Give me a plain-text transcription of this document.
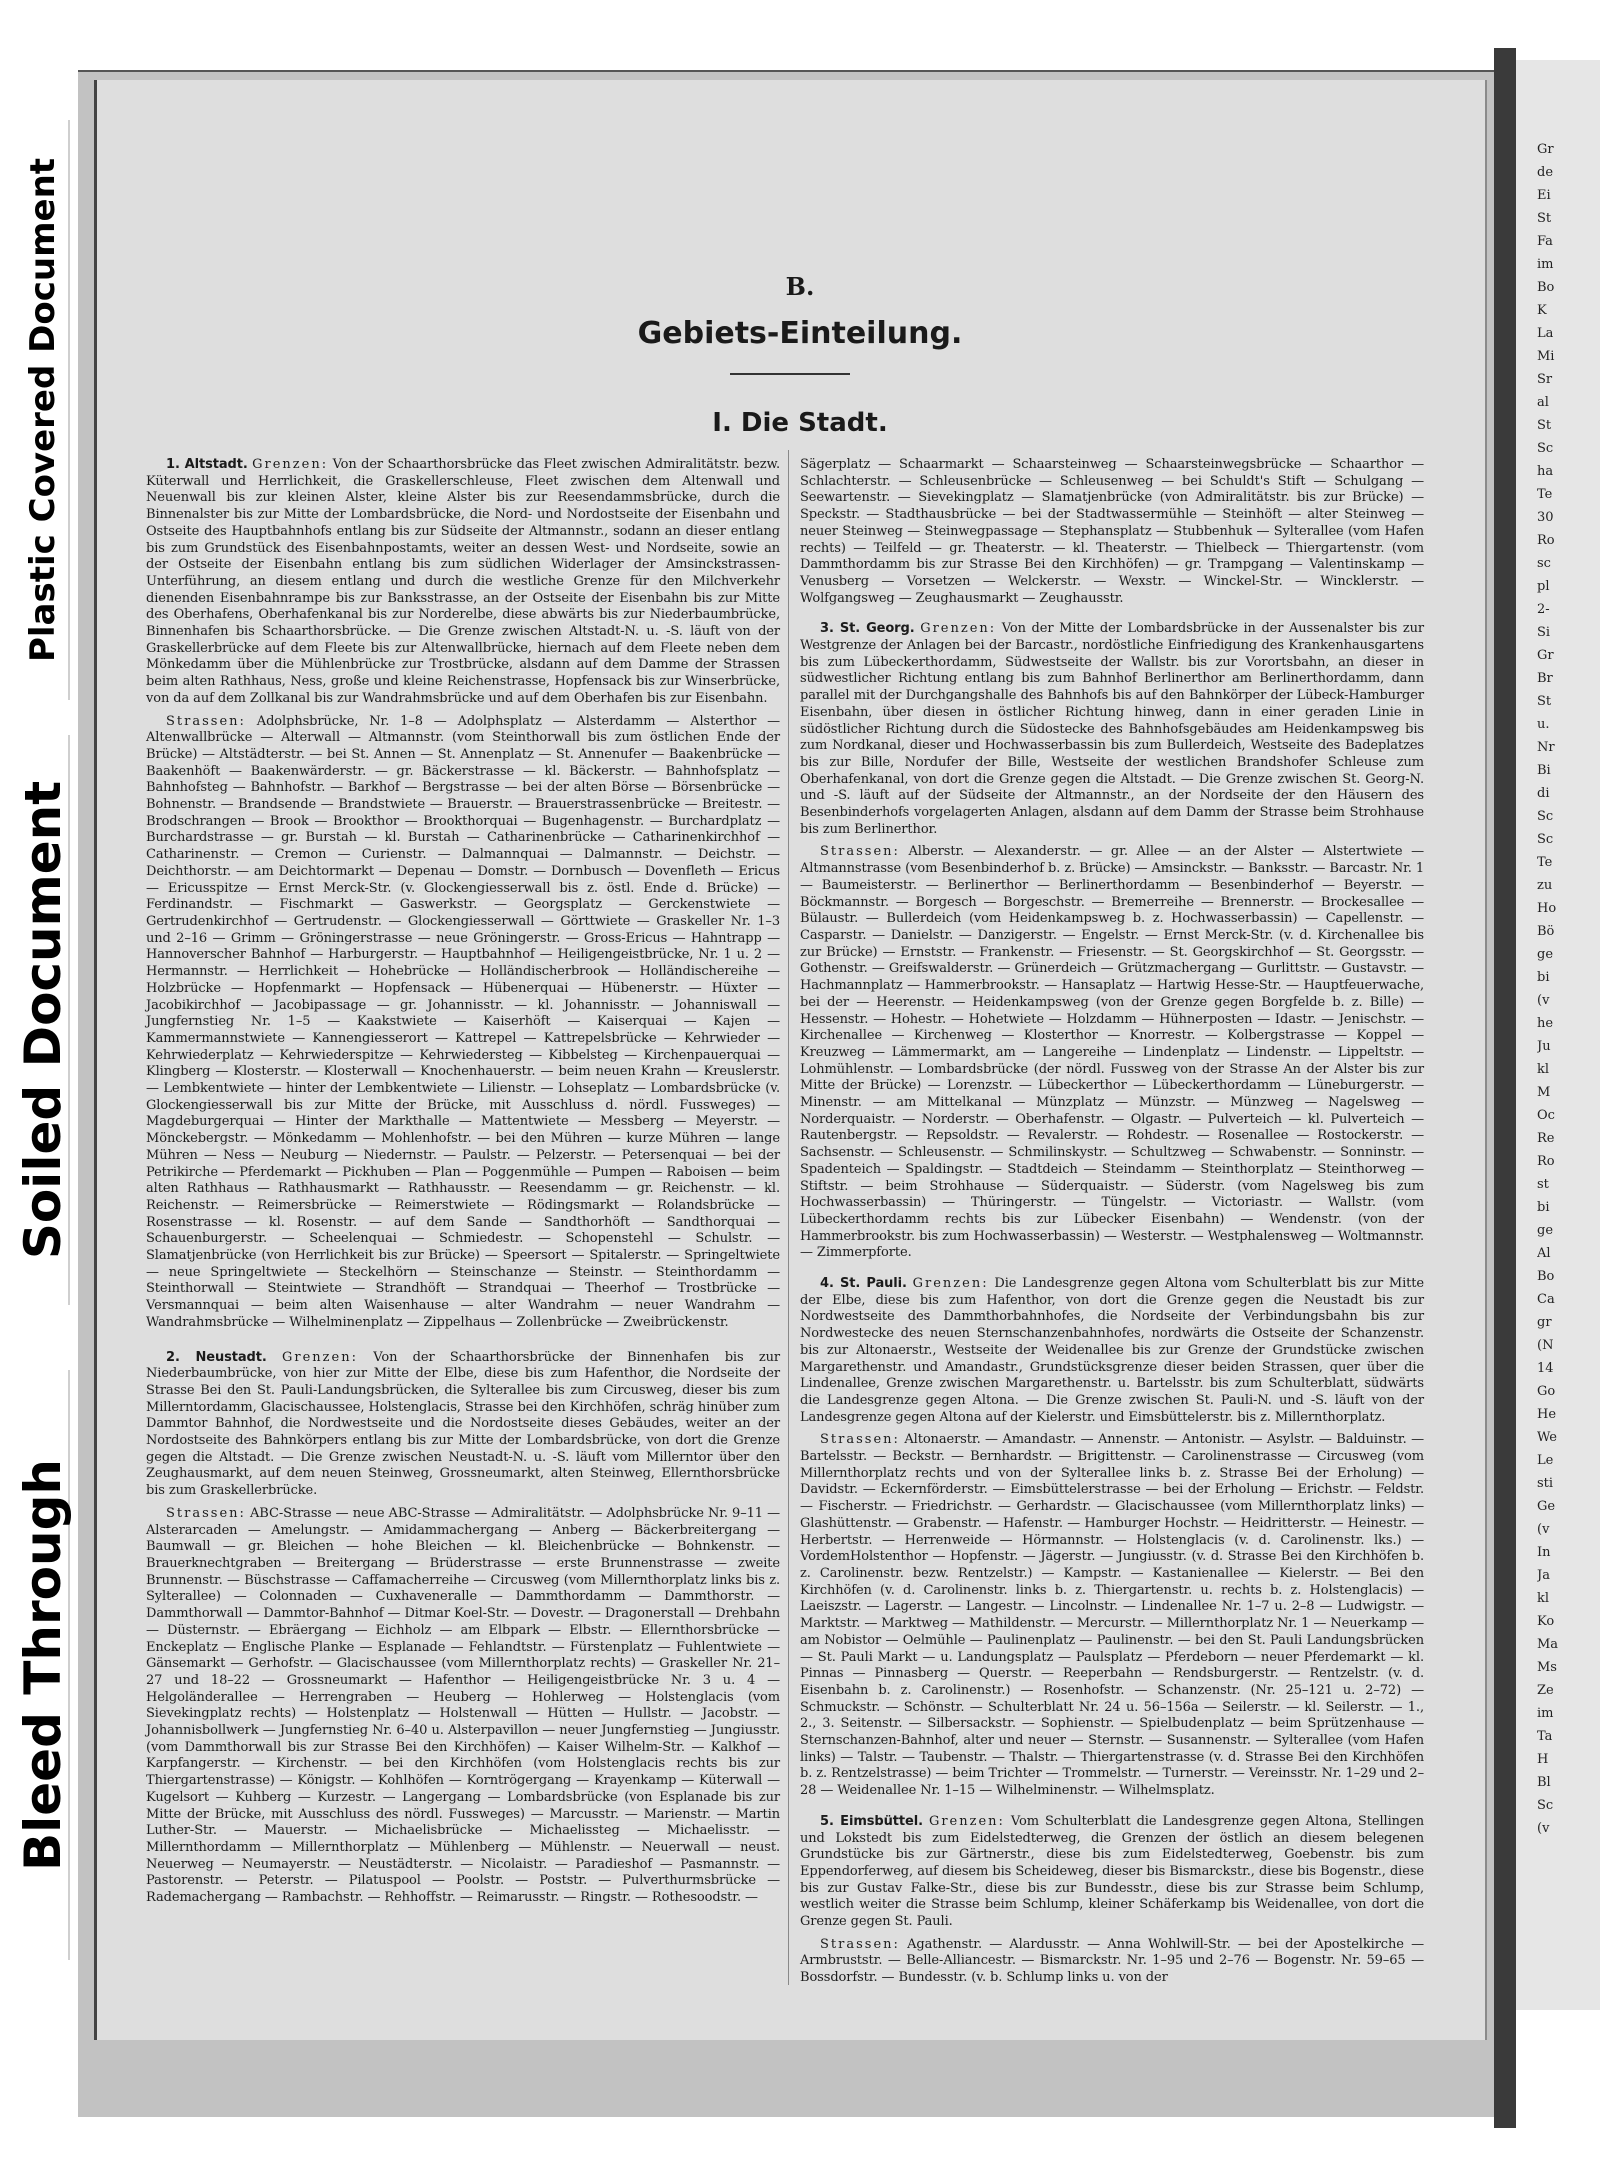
Plastic Covered Document
Soiled Document
Bleed Through
Gr
de
Ei
St
Fa
im
Bo
K
La
Mi
Sr
al
St
Sc
ha
Te
30
Ro
sc
pl
2-
Si
Gr
Br
St
u.
Nr
Bi
di
Sc
Sc
Te
zu
Ho
Bö
ge
bi
(v
he
Ju
kl
M
Oc
Re
Ro
st
bi
ge
Al
Bo
Ca
gr
(N
14
Go
He
We
Le
sti
Ge
(v
In
Ja
kl
Ko
Ma
Ms
Ze
im
Ta
H
Bl
Sc
(v
B.
Gebiets-Einteilung.
I. Die Stadt.

1. Altstadt. Grenzen: Von der Schaarthorsbrücke das Fleet zwischen Admiralitätstr. bezw. Küterwall und Herrlichkeit, die Graskellerschleuse, Fleet zwischen dem Altenwall und Neuenwall bis zur kleinen Alster, kleine Alster bis zur Reesendammsbrücke, durch die Binnenalster bis zur Mitte der Lombardsbrücke, die Nord- und Nordostseite der Eisenbahn und Ostseite des Hauptbahnhofs entlang bis zur Südseite der Altmannstr., sodann an dieser entlang bis zum Grundstück des Eisenbahnpostamts, weiter an dessen West- und Nordseite, sowie an der Ostseite der Eisenbahn entlang bis zum südlichen Widerlager der Amsinckstrassen-Unterführung, an diesem entlang und durch die westliche Grenze für den Milchverkehr dienenden Eisenbahnrampe bis zur Banksstrasse, an der Ostseite der Eisenbahn bis zur Mitte des Oberhafens, Oberhafenkanal bis zur Norderelbe, diese abwärts bis zur Niederbaumbrücke, Binnenhafen bis Schaarthorsbrücke. — Die Grenze zwischen Altstadt-N. u. -S. läuft von der Graskellerbrücke auf dem Fleete bis zur Altenwallbrücke, hiernach auf dem Fleete neben dem Mönkedamm über die Mühlenbrücke zur Trostbrücke, alsdann auf dem Damme der Strassen beim alten Rathhaus, Ness, große und kleine Reichenstrasse, Hopfensack bis zur Winserbrücke, von da auf dem Zollkanal bis zur Wandrahmsbrücke und auf dem Oberhafen bis zur Eisenbahn.

Strassen: Adolphsbrücke, Nr. 1–8 — Adolphsplatz — Alsterdamm — Alsterthor — Altenwallbrücke — Alterwall — Altmannstr. (vom Steinthorwall bis zum östlichen Ende der Brücke) — Altstädterstr. — bei St. Annen — St. Annenplatz — St. Annenufer — Baakenbrücke — Baakenhöft — Baakenwärderstr. — gr. Bäckerstrasse — kl. Bäckerstr. — Bahnhofsplatz — Bahnhofsteg — Bahnhofstr. — Barkhof — Bergstrasse — bei der alten Börse — Börsenbrücke — Bohnenstr. — Brandsende — Brandstwiete — Brauerstr. — Brauerstrassenbrücke — Breitestr. — Brodschrangen — Brook — Brookthor — Brookthorquai — Bugenhagenstr. — Burchardplatz — Burchardstrasse — gr. Burstah — kl. Burstah — Catharinenbrücke — Catharinenkirchhof — Catharinenstr. — Cremon — Curienstr. — Dalmannquai — Dalmannstr. — Deichstr. — Deichthorstr. — am Deichtormarkt — Depenau — Domstr. — Dornbusch — Dovenfleth — Ericus — Ericusspitze — Ernst Merck-Str. (v. Glockengiesserwall bis z. östl. Ende d. Brücke) — Ferdinandstr. — Fischmarkt — Gaswerkstr. — Georgsplatz — Gerckenstwiete — Gertrudenkirchhof — Gertrudenstr. — Glockengiesserwall — Görttwiete — Graskeller Nr. 1–3 und 2–16 — Grimm — Gröningerstrasse — neue Gröningerstr. — Gross-Ericus — Hahntrapp — Hannoverscher Bahnhof — Harburgerstr. — Hauptbahnhof — Heiligengeistbrücke, Nr. 1 u. 2 — Hermannstr. — Herrlichkeit — Hohebrücke — Holländischerbrook — Holländischereihe — Holzbrücke — Hopfenmarkt — Hopfensack — Hübenerquai — Hübenerstr. — Hüxter — Jacobikirchhof — Jacobipassage — gr. Johannisstr. — kl. Johannisstr. — Johanniswall — Jungfernstieg Nr. 1–5 — Kaakstwiete — Kaiserhöft — Kaiserquai — Kajen — Kammermannstwiete — Kannengiesserort — Kattrepel — Kattrepelsbrücke — Kehrwieder — Kehrwiederplatz — Kehrwiederspitze — Kehrwiedersteg — Kibbelsteg — Kirchenpauerquai — Klingberg — Klosterstr. — Klosterwall — Knochenhauerstr. — beim neuen Krahn — Kreuslerstr. — Lembkentwiete — hinter der Lembkentwiete — Lilienstr. — Lohseplatz — Lombardsbrücke (v. Glockengiesserwall bis zur Mitte der Brücke, mit Ausschluss d. nördl. Fussweges) — Magdeburgerquai — Hinter der Markthalle — Mattentwiete — Messberg — Meyerstr. — Mönckebergstr. — Mönkedamm — Mohlenhofstr. — bei den Mühren — kurze Mühren — lange Mühren — Ness — Neuburg — Niedernstr. — Paulstr. — Pelzerstr. — Petersenquai — bei der Petrikirche — Pferdemarkt — Pickhuben — Plan — Poggenmühle — Pumpen — Raboisen — beim alten Rathhaus — Rathhausmarkt — Rathhausstr. — Reesendamm — gr. Reichenstr. — kl. Reichenstr. — Reimersbrücke — Reimerstwiete — Rödingsmarkt — Rolandsbrücke — Rosenstrasse — kl. Rosenstr. — auf dem Sande — Sandthorhöft — Sandthorquai — Schauenburgerstr. — Scheelenquai — Schmiedestr. — Schopenstehl — Schulstr. — Slamatjenbrücke (von Herrlichkeit bis zur Brücke) — Speersort — Spitalerstr. — Springeltwiete — neue Springeltwiete — Steckelhörn — Steinschanze — Steinstr. — Steinthordamm — Steinthorwall — Steintwiete — Strandhöft — Strandquai — Theerhof — Trostbrücke — Versmannquai — beim alten Waisenhause — alter Wandrahm — neuer Wandrahm — Wandrahmsbrücke — Wilhelminenplatz — Zippelhaus — Zollenbrücke — Zweibrückenstr.

2. Neustadt. Grenzen: Von der Schaarthorsbrücke der Binnenhafen bis zur Niederbaumbrücke, von hier zur Mitte der Elbe, diese bis zum Hafenthor, die Nordseite der Strasse Bei den St. Pauli-Landungsbrücken, die Sylterallee bis zum Circusweg, dieser bis zum Millerntordamm, Glacischaussee, Holstenglacis, Strasse bei den Kirchhöfen, schräg hinüber zum Dammtor Bahnhof, die Nordwestseite und die Nordostseite dieses Gebäudes, weiter an der Nordostseite des Bahnkörpers entlang bis zur Mitte der Lombardsbrücke, von dort die Grenze gegen die Altstadt. — Die Grenze zwischen Neustadt-N. u. -S. läuft vom Millerntor über den Zeughausmarkt, auf dem neuen Steinweg, Grossneumarkt, alten Steinweg, Ellernthorsbrücke bis zum Graskellerbrücke.

Strassen: ABC-Strasse — neue ABC-Strasse — Admiralitätstr. — Adolphsbrücke Nr. 9–11 — Alsterarcaden — Amelungstr. — Amidammachergang — Anberg — Bäckerbreitergang — Baumwall — gr. Bleichen — hohe Bleichen — kl. Bleichenbrücke — Bohnkenstr. — Brauerknechtgraben — Breitergang — Brüderstrasse — erste Brunnenstrasse — zweite Brunnenstr. — Büschstrasse — Caffamacherreihe — Circusweg (vom Millernthorplatz links bis z. Sylterallee) — Colonnaden — Cuxhaveneralle — Dammthordamm — Dammthorstr. — Dammthorwall — Dammtor-Bahnhof — Ditmar Koel-Str. — Dovestr. — Dragonerstall — Drehbahn — Düsternstr. — Ebräergang — Eichholz — am Elbpark — Elbstr. — Ellernthorsbrücke — Enckeplatz — Englische Planke — Esplanade — Fehlandtstr. — Fürstenplatz — Fuhlentwiete — Gänsemarkt — Gerhofstr. — Glacischaussee (vom Millernthorplatz rechts) — Graskeller Nr. 21–27 und 18–22 — Grossneumarkt — Hafenthor — Heiligengeistbrücke Nr. 3 u. 4 — Helgoländerallee — Herrengraben — Heuberg — Hohlerweg — Holstenglacis (vom Sievekingplatz rechts) — Holstenplatz — Holstenwall — Hütten — Hullstr. — Jacobstr. — Johannisbollwerk — Jungfernstieg Nr. 6–40 u. Alsterpavillon — neuer Jungfernstieg — Jungiusstr. (vom Dammthorwall bis zur Strasse Bei den Kirchhöfen) — Kaiser Wilhelm-Str. — Kalkhof — Karpfangerstr. — Kirchenstr. — bei den Kirchhöfen (vom Holstenglacis rechts bis zur Thiergartenstrasse) — Königstr. — Kohlhöfen — Korntrögergang — Krayenkamp — Küterwall — Kugelsort — Kuhberg — Kurzestr. — Langergang — Lombardsbrücke (von Esplanade bis zur Mitte der Brücke, mit Ausschluss des nördl. Fussweges) — Marcusstr. — Marienstr. — Martin Luther-Str. — Mauerstr. — Michaelisbrücke — Michaelissteg — Michaelisstr. — Millernthordamm — Millernthorplatz — Mühlenberg — Mühlenstr. — Neuerwall — neust. Neuerweg — Neumayerstr. — Neustädterstr. — Nicolaistr. — Paradieshof — Pasmannstr. — Pastorenstr. — Peterstr. — Pilatuspool — Poolstr. — Poststr. — Pulverthurmsbrücke — Rademachergang — Rambachstr. — Rehhoffstr. — Reimarusstr. — Ringstr. — Rothesoodstr. —

Sägerplatz — Schaarmarkt — Schaarsteinweg — Schaarsteinwegsbrücke — Schaarthor — Schlachterstr. — Schleusenbrücke — Schleusenweg — bei Schuldt's Stift — Schulgang — Seewartenstr. — Sievekingplatz — Slamatjenbrücke (von Admiralitätstr. bis zur Brücke) — Speckstr. — Stadthausbrücke — bei der Stadtwassermühle — Steinhöft — alter Steinweg — neuer Steinweg — Steinwegpassage — Stephansplatz — Stubbenhuk — Sylterallee (vom Hafen rechts) — Teilfeld — gr. Theaterstr. — kl. Theaterstr. — Thielbeck — Thiergartenstr. (vom Dammthordamm bis zur Strasse Bei den Kirchhöfen) — gr. Trampgang — Valentinskamp — Venusberg — Vorsetzen — Welckerstr. — Wexstr. — Winckel-Str. — Wincklerstr. — Wolfgangsweg — Zeughausmarkt — Zeughausstr.

3. St. Georg. Grenzen: Von der Mitte der Lombardsbrücke in der Aussenalster bis zur Westgrenze der Anlagen bei der Barcastr., nordöstliche Einfriedigung des Krankenhausgartens bis zum Lübeckerthordamm, Südwestseite der Wallstr. bis zur Vorortsbahn, an dieser in südwestlicher Richtung entlang bis zum Bahnhof Berlinerthor am Berlinerthordamm, dann parallel mit der Durchgangshalle des Bahnhofs bis auf den Bahnkörper der Lübeck-Hamburger Eisenbahn, über diesen in östlicher Richtung hinweg, dann in einer geraden Linie in südöstlicher Richtung durch die Südostecke des Bahnhofsgebäudes am Heidenkampsweg bis zum Nordkanal, dieser und Hochwasserbassin bis zum Bullerdeich, Westseite des Badeplatzes bis zur Bille, Nordufer der Bille, Westseite der westlichen Brandshofer Schleuse zum Oberhafenkanal, von dort die Grenze gegen die Altstadt. — Die Grenze zwischen St. Georg-N. und -S. läuft auf der Südseite der Altmannstr., an der Nordseite der den Häusern des Besenbinderhofs vorgelagerten Anlagen, alsdann auf dem Damm der Strasse beim Strohhause bis zum Berlinerthor.

Strassen: Alberstr. — Alexanderstr. — gr. Allee — an der Alster — Alstertwiete — Altmannstrasse (vom Besenbinderhof b. z. Brücke) — Amsinckstr. — Banksstr. — Barcastr. Nr. 1 — Baumeisterstr. — Berlinerthor — Berlinerthordamm — Besenbinderhof — Beyerstr. — Böckmannstr. — Borgesch — Borgeschstr. — Bremerreihe — Brennerstr. — Brockesallee — Bülaustr. — Bullerdeich (vom Heidenkampsweg b. z. Hochwasserbassin) — Capellenstr. — Casparstr. — Danielstr. — Danzigerstr. — Engelstr. — Ernst Merck-Str. (v. d. Kirchenallee bis zur Brücke) — Ernststr. — Frankenstr. — Friesenstr. — St. Georgskirchhof — St. Georgsstr. — Gothenstr. — Greifswalderstr. — Grünerdeich — Grützmachergang — Gurlittstr. — Gustavstr. — Hachmannplatz — Hammerbrookstr. — Hansaplatz — Hartwig Hesse-Str. — Hauptfeuerwache, bei der — Heerenstr. — Heidenkampsweg (von der Grenze gegen Borgfelde b. z. Bille) — Hessenstr. — Hohestr. — Hohetwiete — Holzdamm — Hühnerposten — Idastr. — Jenischstr. — Kirchenallee — Kirchenweg — Klosterthor — Knorrestr. — Kolbergstrasse — Koppel — Kreuzweg — Lämmermarkt, am — Langereihe — Lindenplatz — Lindenstr. — Lippeltstr. — Lohmühlenstr. — Lombardsbrücke (der nördl. Fussweg von der Strasse An der Alster bis zur Mitte der Brücke) — Lorenzstr. — Lübeckerthor — Lübeckerthordamm — Lüneburgerstr. — Minenstr. — am Mittelkanal — Münzplatz — Münzstr. — Münzweg — Nagelsweg — Norderquaistr. — Norderstr. — Oberhafenstr. — Olgastr. — Pulverteich — kl. Pulverteich — Rautenbergstr. — Repsoldstr. — Revalerstr. — Rohdestr. — Rosenallee — Rostockerstr. — Sachsenstr. — Schleusenstr. — Schmilinskystr. — Schultzweg — Schwabenstr. — Sonninstr. — Spadenteich — Spaldingstr. — Stadtdeich — Steindamm — Steinthorplatz — Steinthorweg — Stiftstr. — beim Strohhause — Süderquaistr. — Süderstr. (vom Nagelsweg bis zum Hochwasserbassin) — Thüringerstr. — Tüngelstr. — Victoriastr. — Wallstr. (vom Lübeckerthordamm rechts bis zur Lübecker Eisenbahn) — Wendenstr. (von der Hammerbrookstr. bis zum Hochwasserbassin) — Westerstr. — Westphalensweg — Woltmannstr. — Zimmerpforte.

4. St. Pauli. Grenzen: Die Landesgrenze gegen Altona vom Schulterblatt bis zur Mitte der Elbe, diese bis zum Hafenthor, von dort die Grenze gegen die Neustadt bis zur Nordwestseite des Dammthorbahnhofes, die Nordseite der Verbindungsbahn bis zur Nordwestecke des neuen Sternschanzenbahnhofes, nordwärts die Ostseite der Schanzenstr. bis zur Altonaerstr., Westseite der Weidenallee bis zur Grenze der Grundstücke zwischen Margarethenstr. und Amandastr., Grundstücksgrenze dieser beiden Strassen, quer über die Lindenallee, Grenze zwischen Margarethenstr. u. Bartelsstr. bis zum Schulterblatt, südwärts die Landesgrenze gegen Altona. — Die Grenze zwischen St. Pauli-N. und -S. läuft von der Landesgrenze gegen Altona auf der Kielerstr. und Eimsbüttelerstr. bis z. Millernthorplatz.

Strassen: Altonaerstr. — Amandastr. — Annenstr. — Antonistr. — Asylstr. — Balduinstr. — Bartelsstr. — Beckstr. — Bernhardstr. — Brigittenstr. — Carolinenstrasse — Circusweg (vom Millernthorplatz rechts und von der Sylterallee links b. z. Strasse Bei der Erholung) — Davidstr. — Eckernförderstr. — Eimsbüttelerstrasse — bei der Erholung — Erichstr. — Feldstr. — Fischerstr. — Friedrichstr. — Gerhardstr. — Glacischaussee (vom Millernthorplatz links) — Glashüttenstr. — Grabenstr. — Hafenstr. — Hamburger Hochstr. — Heidritterstr. — Heinestr. — Herbertstr. — Herrenweide — Hörmannstr. — Holstenglacis (v. d. Carolinenstr. lks.) — VordemHolstenthor — Hopfenstr. — Jägerstr. — Jungiusstr. (v. d. Strasse Bei den Kirchhöfen b. z. Carolinenstr. bezw. Rentzelstr.) — Kampstr. — Kastanienallee — Kielerstr. — Bei den Kirchhöfen (v. d. Carolinenstr. links b. z. Thiergartenstr. u. rechts b. z. Holstenglacis) — Laeiszstr. — Lagerstr. — Langestr. — Lincolnstr. — Lindenallee Nr. 1–7 u. 2–8 — Ludwigstr. — Marktstr. — Marktweg — Mathildenstr. — Mercurstr. — Millernthorplatz Nr. 1 — Neuerkamp — am Nobistor — Oelmühle — Paulinenplatz — Paulinenstr. — bei den St. Pauli Landungsbrücken — St. Pauli Markt — u. Landungsplatz — Paulsplatz — Pferdeborn — neuer Pferdemarkt — kl. Pinnas — Pinnasberg — Querstr. — Reeperbahn — Rendsburgerstr. — Rentzelstr. (v. d. Eisenbahn b. z. Carolinenstr.) — Rosenhofstr. — Schanzenstr. (Nr. 25–121 u. 2–72) — Schmuckstr. — Schönstr. — Schulterblatt Nr. 24 u. 56–156a — Seilerstr. — kl. Seilerstr. — 1., 2., 3. Seitenstr. — Silbersackstr. — Sophienstr. — Spielbudenplatz — beim Sprützenhause — Sternschanzen-Bahnhof, alter und neuer — Sternstr. — Susannenstr. — Sylterallee (vom Hafen links) — Talstr. — Taubenstr. — Thalstr. — Thiergartenstrasse (v. d. Strasse Bei den Kirchhöfen b. z. Rentzelstrasse) — beim Trichter — Trommelstr. — Turnerstr. — Vereinsstr. Nr. 1–29 und 2–28 — Weidenallee Nr. 1–15 — Wilhelminenstr. — Wilhelmsplatz.

5. Eimsbüttel. Grenzen: Vom Schulterblatt die Landesgrenze gegen Altona, Stellingen und Lokstedt bis zum Eidelstedterweg, die Grenzen der östlich an diesem belegenen Grundstücke bis zur Gärtnerstr., diese bis zum Eidelstedterweg, Goebenstr. bis zum Eppendorferweg, auf diesem bis Scheideweg, dieser bis Bismarckstr., diese bis Bogenstr., diese bis zur Gustav Falke-Str., diese bis zur Bundesstr., diese bis zur Strasse beim Schlump, westlich weiter die Strasse beim Schlump, kleiner Schäferkamp bis Weidenallee, von dort die Grenze gegen St. Pauli.

Strassen: Agathenstr. — Alardusstr. — Anna Wohlwill-Str. — bei der Apostelkirche — Armbruststr. — Belle-Alliancestr. — Bismarckstr. Nr. 1–95 und 2–76 — Bogenstr. Nr. 59–65 — Bossdorfstr. — Bundesstr. (v. b. Schlump links u. von der
